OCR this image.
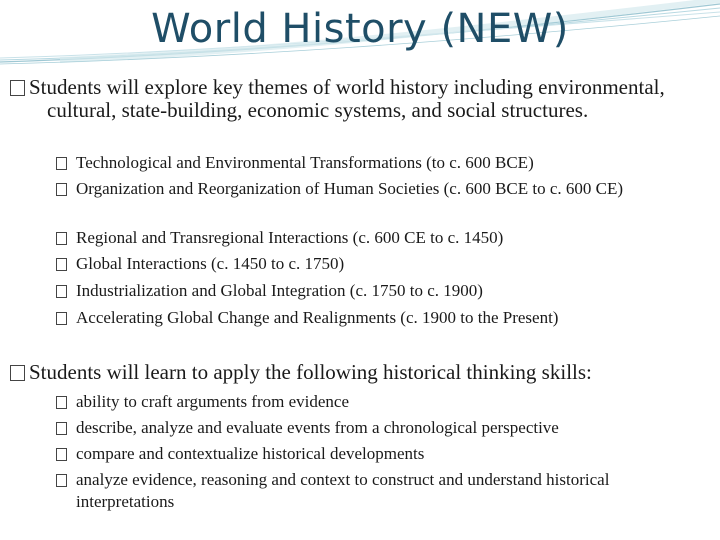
World History (NEW)
Students will explore key themes of world history including environmental, cultural, state-building, economic systems, and social structures.
Technological and Environmental Transformations (to c. 600 BCE)
Organization and Reorganization of Human Societies (c. 600 BCE to c. 600 CE)
Regional and Transregional Interactions (c. 600 CE to c. 1450)
Global Interactions (c. 1450 to c. 1750)
Industrialization and Global Integration (c. 1750 to c. 1900)
Accelerating Global Change and Realignments (c. 1900 to the Present)
Students will learn to apply the following historical thinking skills:
ability to craft arguments from evidence
describe, analyze and evaluate events from a chronological perspective
compare and contextualize historical developments
analyze evidence, reasoning and context to construct and understand historical interpretations
